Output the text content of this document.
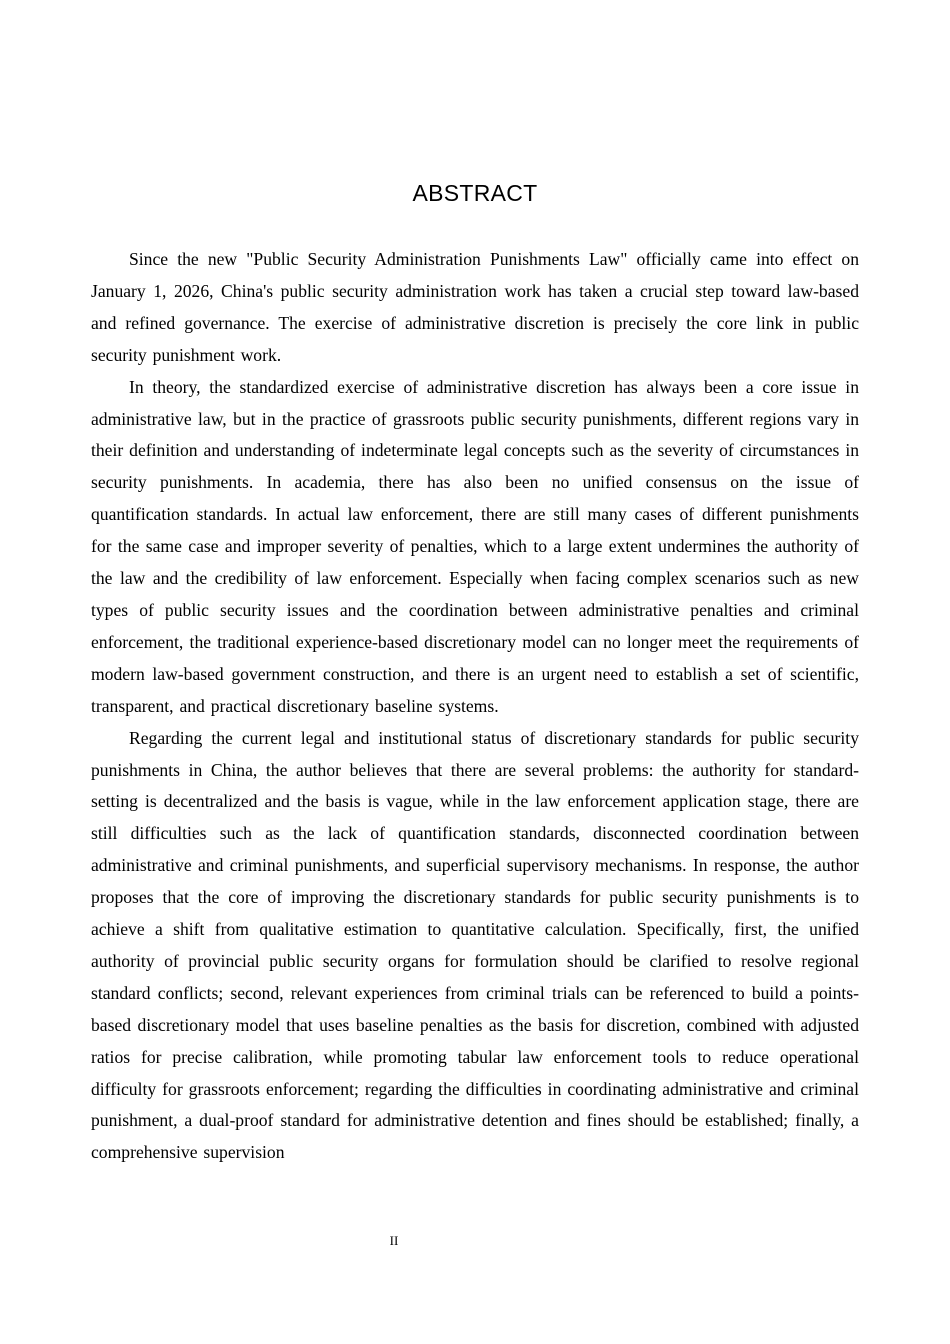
ABSTRACT

Since the new "Public Security Administration Punishments Law" officially came into effect on January 1, 2026, China's public security administration work has taken a crucial step toward law-based and refined governance. The exercise of administrative discretion is precisely the core link in public security punishment work.

In theory, the standardized exercise of administrative discretion has always been a core issue in administrative law, but in the practice of grassroots public security punishments, different regions vary in their definition and understanding of indeterminate legal concepts such as the severity of circumstances in security punishments. In academia, there has also been no unified consensus on the issue of quantification standards. In actual law enforcement, there are still many cases of different punishments for the same case and improper severity of penalties, which to a large extent undermines the authority of the law and the credibility of law enforcement. Especially when facing complex scenarios such as new types of public security issues and the coordination between administrative penalties and criminal enforcement, the traditional experience-based discretionary model can no longer meet the requirements of modern law-based government construction, and there is an urgent need to establish a set of scientific, transparent, and practical discretionary baseline systems.

Regarding the current legal and institutional status of discretionary standards for public security punishments in China, the author believes that there are several problems: the authority for standard-setting is decentralized and the basis is vague, while in the law enforcement application stage, there are still difficulties such as the lack of quantification standards, disconnected coordination between administrative and criminal punishments, and superficial supervisory mechanisms. In response, the author proposes that the core of improving the discretionary standards for public security punishments is to achieve a shift from qualitative estimation to quantitative calculation. Specifically, first, the unified authority of provincial public security organs for formulation should be clarified to resolve regional standard conflicts; second, relevant experiences from criminal trials can be referenced to build a points-based discretionary model that uses baseline penalties as the basis for discretion, combined with adjusted ratios for precise calibration, while promoting tabular law enforcement tools to reduce operational difficulty for grassroots enforcement; regarding the difficulties in coordinating administrative and criminal punishment, a dual-proof standard for administrative detention and fines should be established; finally, a comprehensive supervision

II
